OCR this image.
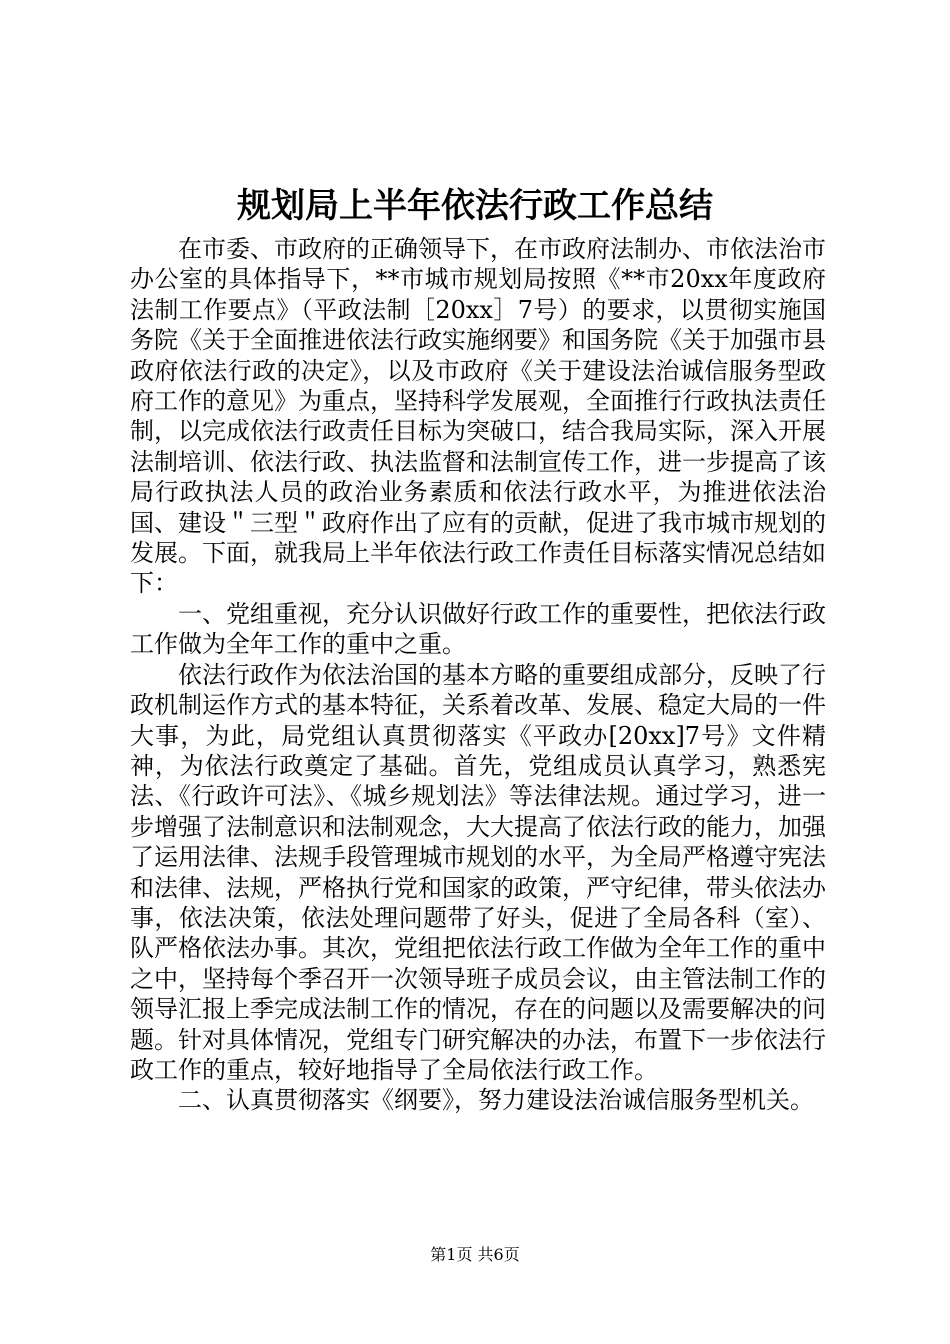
规划局上半年依法行政工作总结

在市委、市政府的正确领导下，在市政府法制办、市依法治市办公室的具体指导下，**市城市规划局按照《**市20xx年度政府法制工作要点》（平政法制［20xx］7号）的要求，以贯彻实施国务院《关于全面推进依法行政实施纲要》和国务院《关于加强市县政府依法行政的决定》，以及市政府《关于建设法治诚信服务型政府工作的意见》为重点，坚持科学发展观，全面推行行政执法责任制，以完成依法行政责任目标为突破口，结合我局实际，深入开展法制培训、依法行政、执法监督和法制宣传工作，进一步提高了该局行政执法人员的政治业务素质和依法行政水平，为推进依法治国、建设＂三型＂政府作出了应有的贡献，促进了我市城市规划的发展。下面，就我局上半年依法行政工作责任目标落实情况总结如下：

一、党组重视，充分认识做好行政工作的重要性，把依法行政工作做为全年工作的重中之重。

依法行政作为依法治国的基本方略的重要组成部分，反映了行政机制运作方式的基本特征，关系着改革、发展、稳定大局的一件大事，为此，局党组认真贯彻落实《平政办[20xx]7号》文件精神，为依法行政奠定了基础。首先，党组成员认真学习，熟悉宪法、《行政许可法》、《城乡规划法》等法律法规。通过学习，进一步增强了法制意识和法制观念，大大提高了依法行政的能力，加强了运用法律、法规手段管理城市规划的水平，为全局严格遵守宪法和法律、法规，严格执行党和国家的政策，严守纪律，带头依法办事，依法决策，依法处理问题带了好头，促进了全局各科（室）、队严格依法办事。其次，党组把依法行政工作做为全年工作的重中之中，坚持每个季召开一次领导班子成员会议，由主管法制工作的领导汇报上季完成法制工作的情况，存在的问题以及需要解决的问题。针对具体情况，党组专门研究解决的办法，布置下一步依法行政工作的重点，较好地指导了全局依法行政工作。

二、认真贯彻落实《纲要》，努力建设法治诚信服务型机关。

第1页 共6页
